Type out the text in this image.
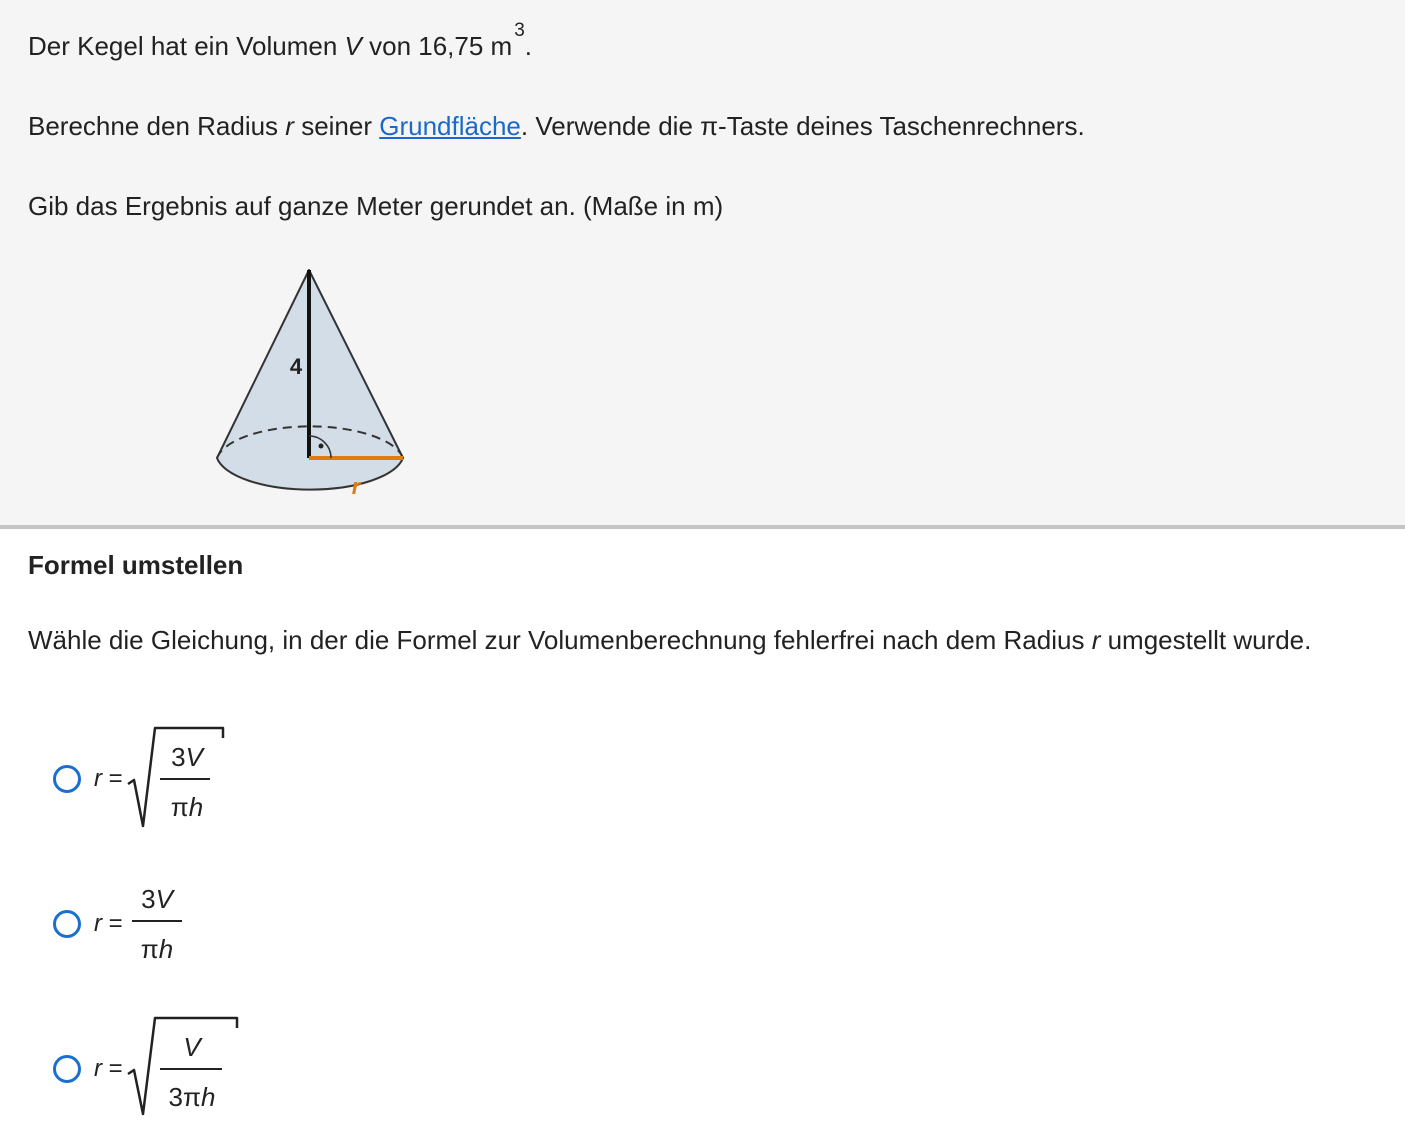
Der Kegel hat ein Volumen V von 16,75 $m^3$.
Berechne den Radius r seiner Grundfläche. Verwende die π-Taste deines Taschenrechners.
Gib das Ergebnis auf ganze Meter gerundet an. (Maße in m)
4
r
Formel umstellen
Wähle die Gleichung, in der die Formel zur Volumenberechnung fehlerfrei nach dem Radius r umgestellt wurde.
r =
3V
πh
r =
3V
πh
r =
V
3πh
